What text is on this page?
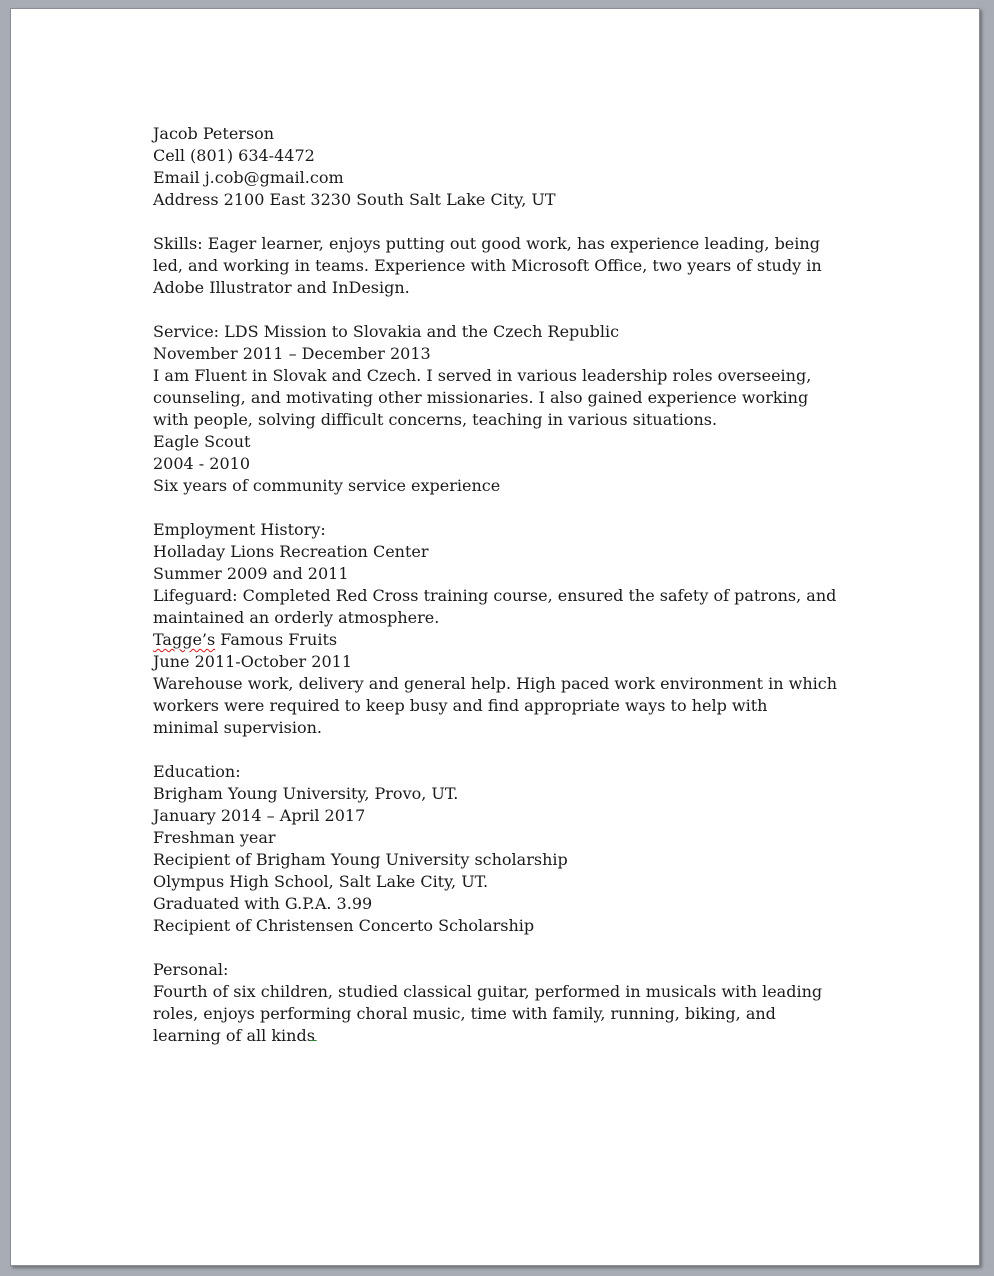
Jacob Peterson
Cell (801) 634-4472
Email j.cob@gmail.com
Address 2100 East 3230 South Salt Lake City, UT
Skills: Eager learner, enjoys putting out good work, has experience leading, being
led, and working in teams. Experience with Microsoft Office, two years of study in
Adobe Illustrator and InDesign.
Service: LDS Mission to Slovakia and the Czech Republic
November 2011 – December 2013
I am Fluent in Slovak and Czech. I served in various leadership roles overseeing,
counseling, and motivating other missionaries. I also gained experience working
with people, solving difficult concerns, teaching in various situations.
Eagle Scout
2004 - 2010
Six years of community service experience
Employment History:
Holladay Lions Recreation Center
Summer 2009 and 2011
Lifeguard: Completed Red Cross training course, ensured the safety of patrons, and
maintained an orderly atmosphere.
Tagge’s Famous Fruits
June 2011-October 2011
Warehouse work, delivery and general help. High paced work environment in which
workers were required to keep busy and find appropriate ways to help with
minimal supervision.
Education:
Brigham Young University, Provo, UT.
January 2014 – April 2017
Freshman year
Recipient of Brigham Young University scholarship
Olympus High School, Salt Lake City, UT.
Graduated with G.P.A. 3.99
Recipient of Christensen Concerto Scholarship
Personal:
Fourth of six children, studied classical guitar, performed in musicals with leading
roles, enjoys performing choral music, time with family, running, biking, and
learning of all kinds
